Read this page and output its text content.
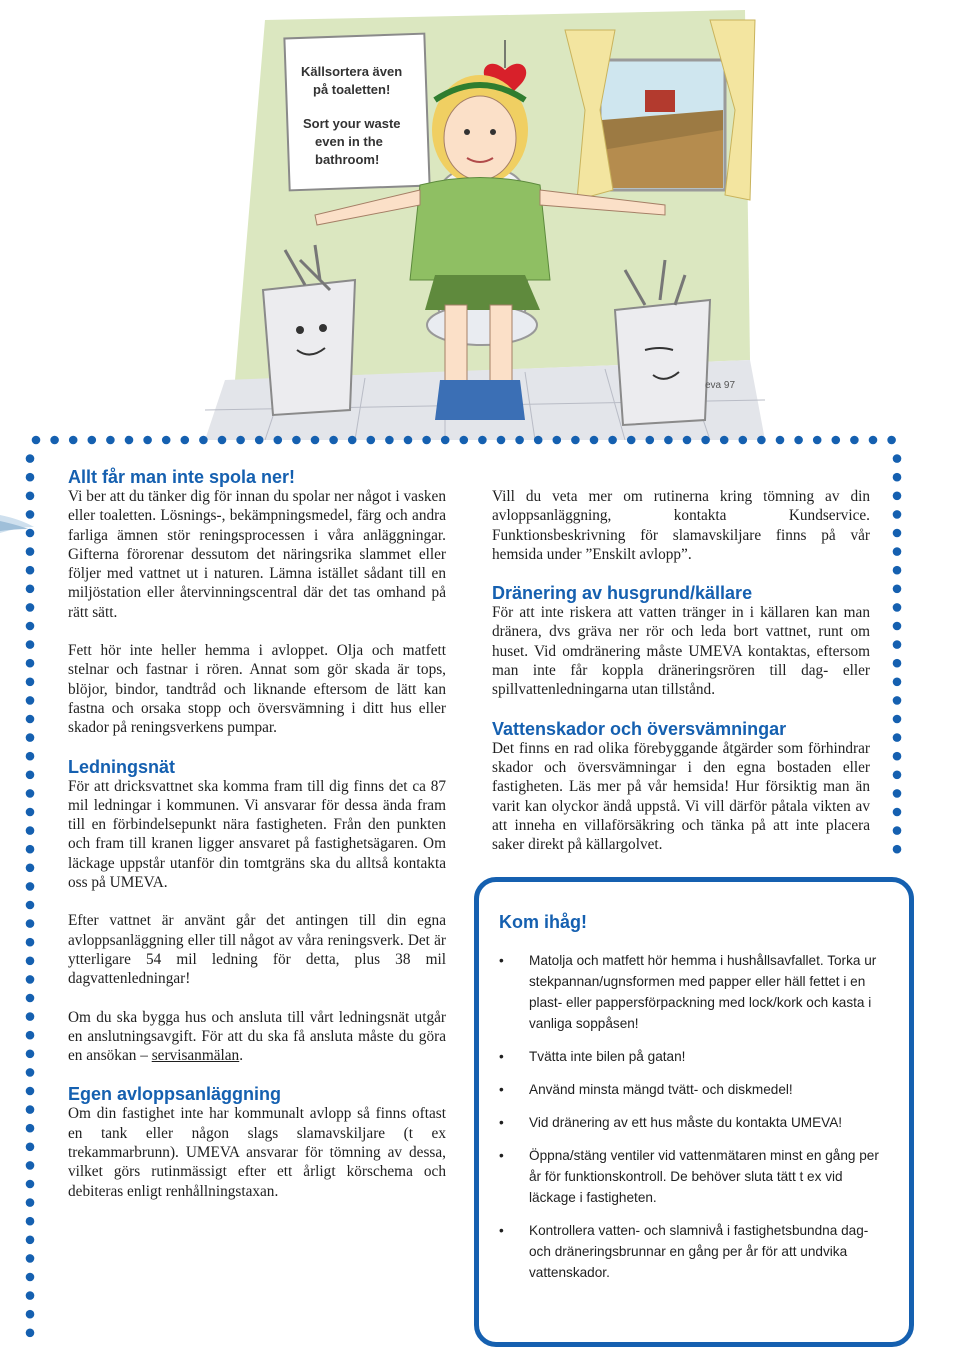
Källsortera även
på toaletten!
Sort your waste
even in the
bathroom!
eva 97
Allt får man inte spola ner!

Vi ber att du tänker dig för innan du spolar ner något i vasken eller toaletten. Lösnings-, bekämpningsmedel, färg och andra farliga ämnen stör reningsprocessen i våra anläggningar. Gifterna förorenar dessutom det näringsrika slammet eller följer med vattnet ut i naturen. Lämna istället sådant till en miljöstation eller återvinningscentral där det tas omhand på rätt sätt.

Fett hör inte heller hemma i avloppet. Olja och matfett stelnar och fastnar i rören. Annat som gör skada är tops, blöjor, bindor, tandtråd och liknande eftersom de lätt kan fastna och orsaka stopp och översvämning i ditt hus eller skador på reningsverkens pumpar.

Ledningsnät

För att dricksvattnet ska komma fram till dig finns det ca 87 mil ledningar i kommunen. Vi ansvarar för dessa ända fram till en förbindelsepunkt nära fastigheten. Från den punkten och fram till kranen ligger ansvaret på fastighetsägaren. Om läckage uppstår utanför din tomtgräns ska du alltså kontakta oss på UMEVA.

Efter vattnet är använt går det antingen till din egna avloppsanläggning eller till något av våra reningsverk. Det är ytterligare 54 mil ledning för detta, plus 38 mil dagvattenledningar!

Om du ska bygga hus och ansluta till vårt ledningsnät utgår en anslutningsavgift. För att du ska få ansluta måste du göra en ansökan – servisanmälan.

Egen avloppsanläggning

Om din fastighet inte har kommunalt avlopp så finns oftast en tank eller någon slags slamavskiljare (t ex trekammarbrunn). UMEVA ansvarar för tömning av dessa, vilket görs rutinmässigt efter ett årligt körschema och debiteras enligt renhållningstaxan.

Vill du veta mer om rutinerna kring tömning av din avloppsanläggning, kontakta Kundservice. Funktionsbeskrivning för slamavskiljare finns på vår hemsida under ”Enskilt avlopp”.

Dränering av husgrund/källare

För att inte riskera att vatten tränger in i källaren kan man dränera, dvs gräva ner rör och leda bort vattnet, runt om huset. Vid omdränering måste UMEVA kontaktas, eftersom man inte får koppla dräneringsrören till dag- eller spillvattenledningarna utan tillstånd.

Vattenskador och översvämningar

Det finns en rad olika förebyggande åtgärder som förhindrar skador och översvämningar i den egna bostaden eller fastigheten. Läs mer på vår hemsida! Hur försiktig man än varit kan olyckor ändå uppstå. Vi vill därför påtala vikten av att inneha en villaförsäkring och tänka på att inte placera saker direkt på källargolvet.

Kom ihåg!
• Matolja och matfett hör hemma i hushållsavfallet. Torka ur stekpannan/ugnsformen med papper eller häll fettet i en plast- eller pappersförpackning med lock/kork och kasta i vanliga soppåsen!
• Tvätta inte bilen på gatan!
• Använd minsta mängd tvätt- och diskmedel!
• Vid dränering av ett hus måste du kontakta UMEVA!
• Öppna/stäng ventiler vid vattenmätaren minst en gång per år för funktionskontroll. De behöver sluta tätt t ex vid läckage i fastigheten.
• Kontrollera vatten- och slamnivå i fastighetsbundna dag- och dräneringsbrunnar en gång per år för att undvika vattenskador.
